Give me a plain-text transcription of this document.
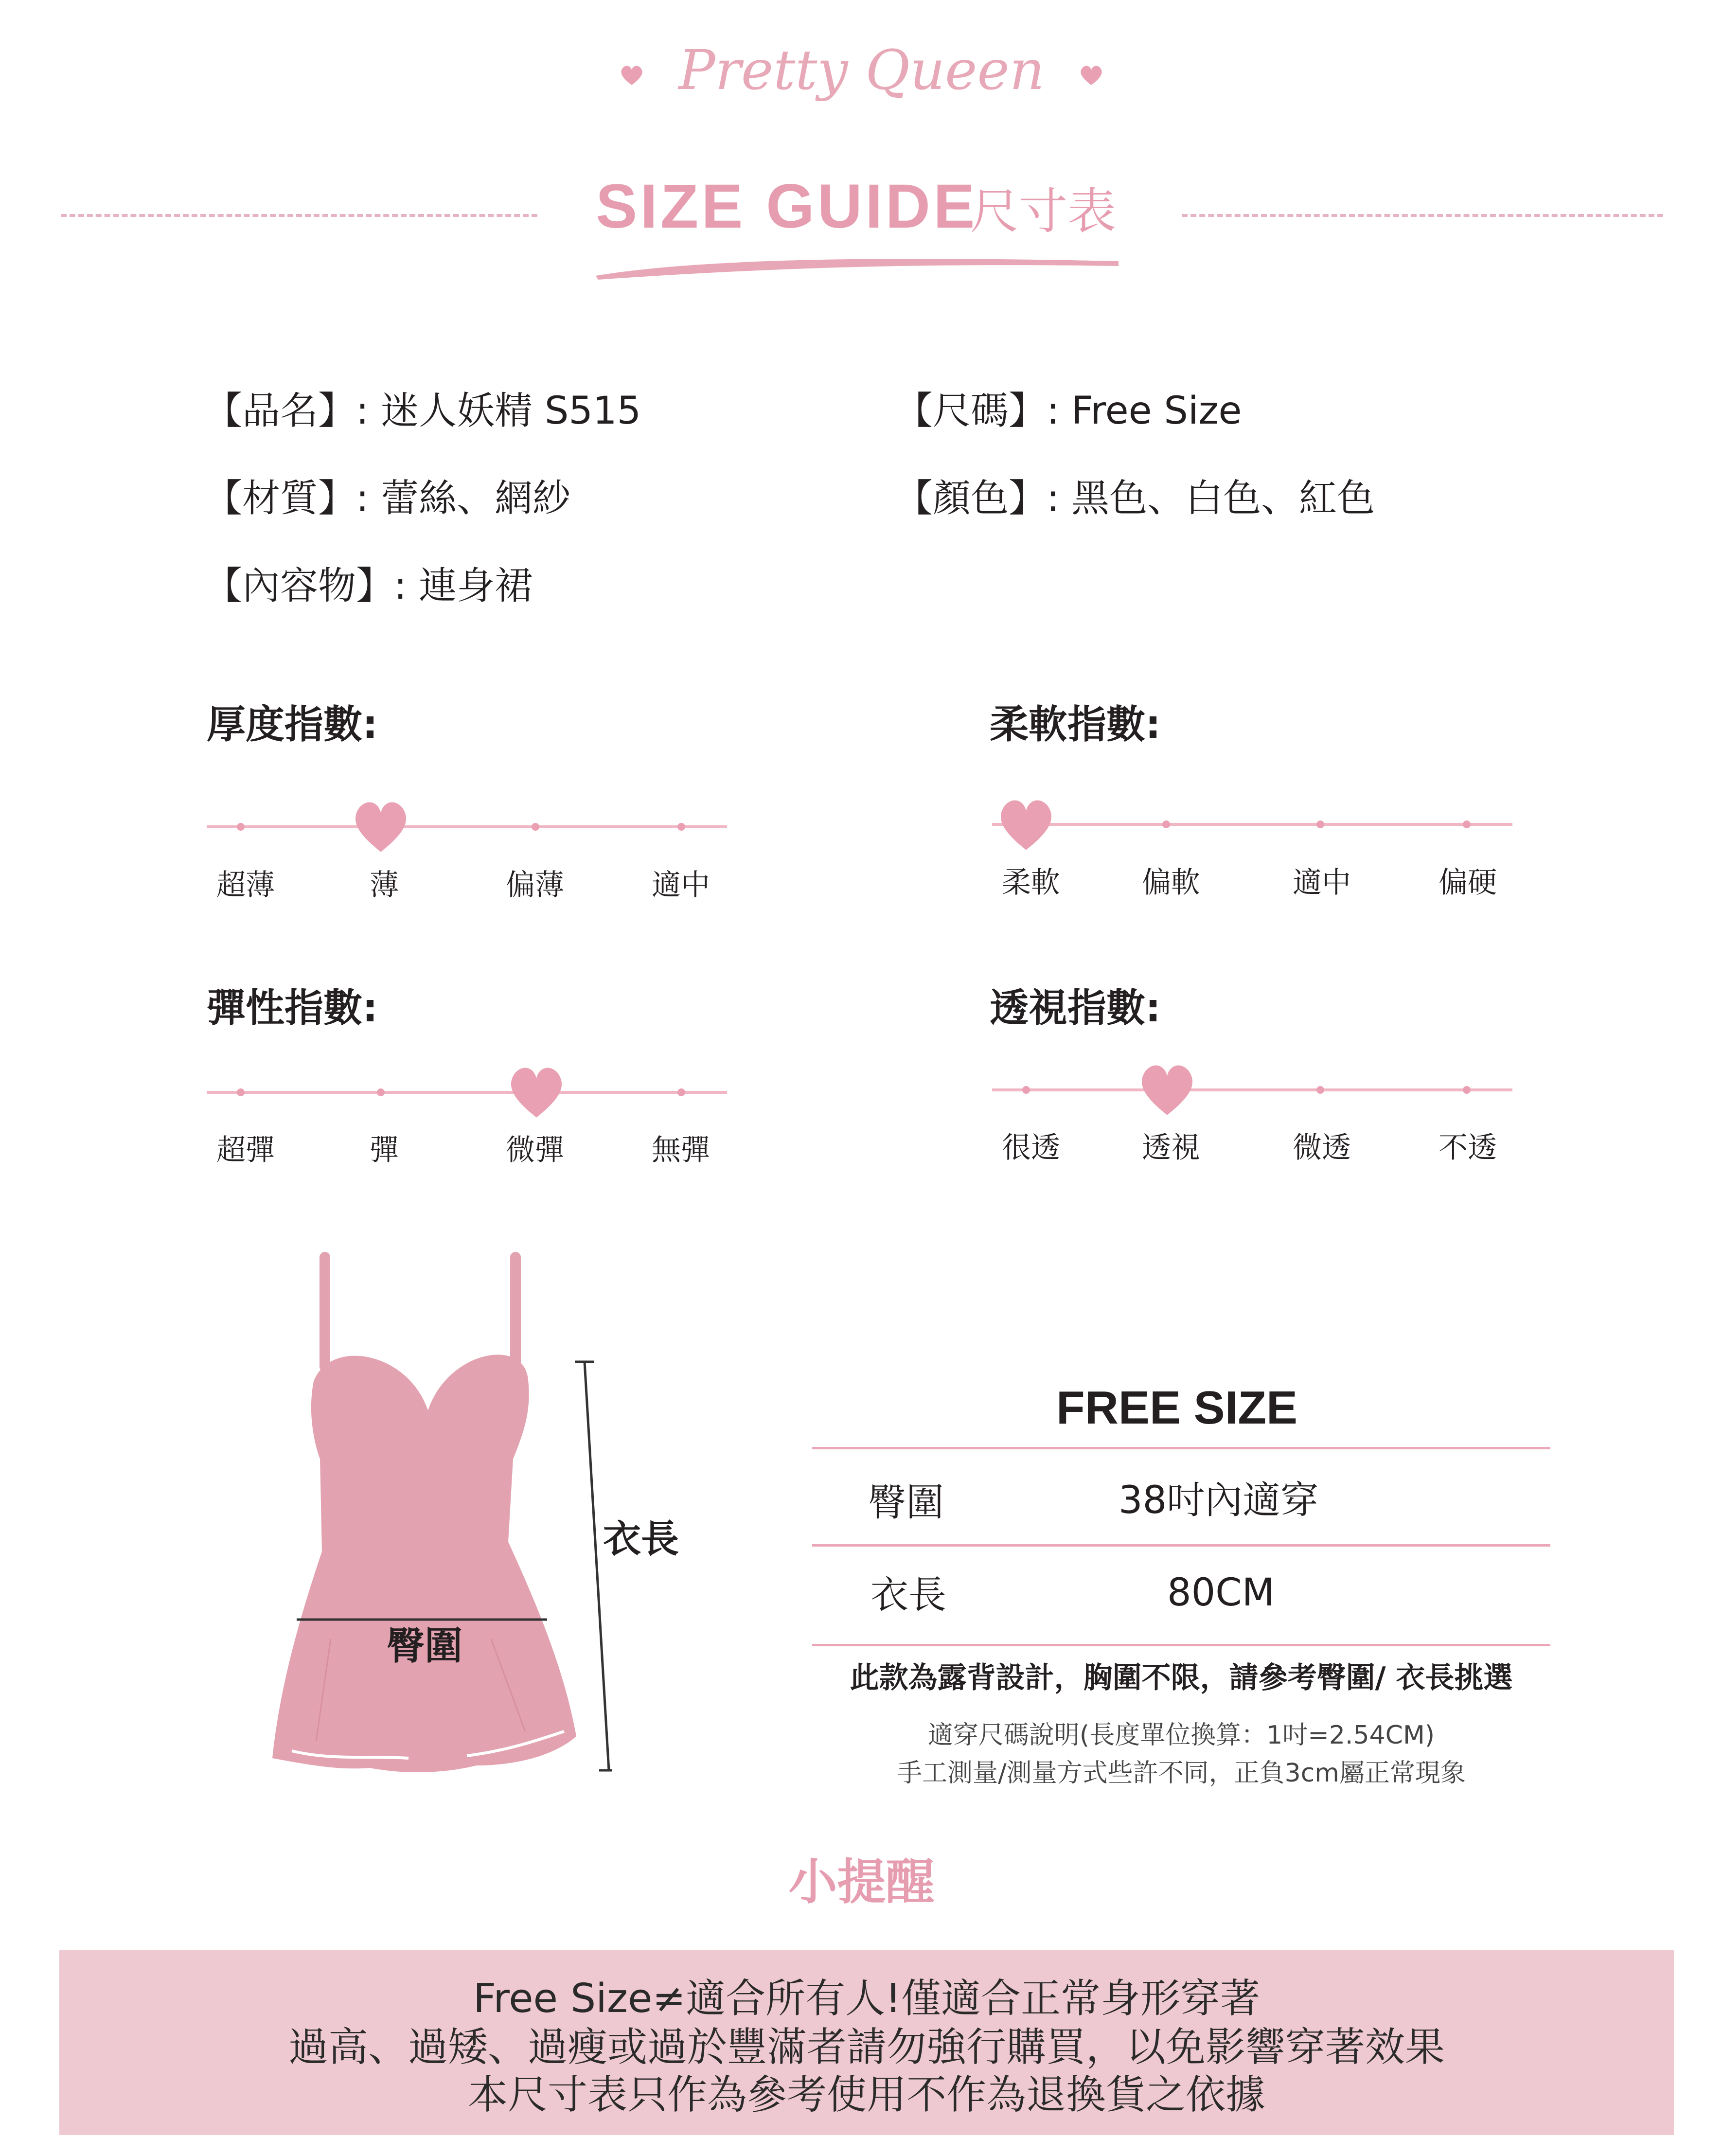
Pretty Queen
SIZE GUIDE
尺寸表
【品名】: 迷人妖精 S515
【材質】: 蕾絲、網紗
【內容物】: 連身裙
【尺碼】: Free Size
【顏色】: 黑色、白色、紅色
厚度指數:
超薄	薄	偏薄	適中
柔軟指數:
柔軟	偏軟	適中	偏硬
彈性指數:
超彈	彈	微彈	無彈
透視指數:
很透	透視	微透	不透
衣長
臀圍
FREE SIZE
臀圍	38吋內適穿
衣長	80CM
此款為露背設計，胸圍不限，請參考臀圍/ 衣長挑選
適穿尺碼說明(長度單位換算：1吋=2.54CM)
手工測量/測量方式些許不同，正負3cm屬正常現象
小提醒
Free Size≠適合所有人!僅適合正常身形穿著
過高、過矮、過瘦或過於豐滿者請勿強行購買，以免影響穿著效果
本尺寸表只作為參考使用不作為退換貨之依據
